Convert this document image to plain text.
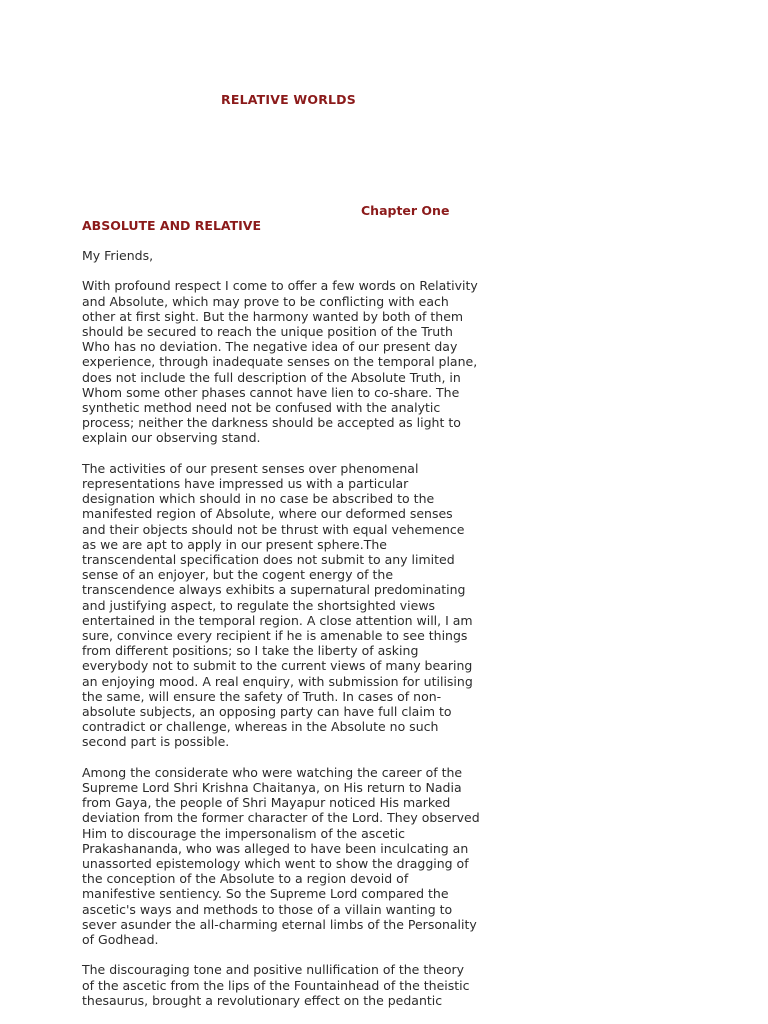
RELATIVE WORLDS
Chapter One
ABSOLUTE AND RELATIVE

My Friends,

With profound respect I come to offer a few words on Relativity
and Absolute, which may prove to be conflicting with each
other at first sight. But the harmony wanted by both of them
should be secured to reach the unique position of the Truth
Who has no deviation. The negative idea of our present day
experience, through inadequate senses on the temporal plane,
does not include the full description of the Absolute Truth, in
Whom some other phases cannot have lien to co-share. The
synthetic method need not be confused with the analytic
process; neither the darkness should be accepted as light to
explain our observing stand.

The activities of our present senses over phenomenal
representations have impressed us with a particular
designation which should in no case be abscribed to the
manifested region of Absolute, where our deformed senses
and their objects should not be thrust with equal vehemence
as we are apt to apply in our present sphere.The
transcendental specification does not submit to any limited
sense of an enjoyer, but the cogent energy of the
transcendence always exhibits a supernatural predominating
and justifying aspect, to regulate the shortsighted views
entertained in the temporal region. A close attention will, I am
sure, convince every recipient if he is amenable to see things
from different positions; so I take the liberty of asking
everybody not to submit to the current views of many bearing
an enjoying mood. A real enquiry, with submission for utilising
the same, will ensure the safety of Truth. In cases of non-
absolute subjects, an opposing party can have full claim to
contradict or challenge, whereas in the Absolute no such
second part is possible.

Among the considerate who were watching the career of the
Supreme Lord Shri Krishna Chaitanya, on His return to Nadia
from Gaya, the people of Shri Mayapur noticed His marked
deviation from the former character of the Lord. They observed
Him to discourage the impersonalism of the ascetic
Prakashananda, who was alleged to have been inculcating an
unassorted epistemology which went to show the dragging of
the conception of the Absolute to a region devoid of
manifestive sentiency. So the Supreme Lord compared the
ascetic's ways and methods to those of a villain wanting to
sever asunder the all-charming eternal limbs of the Personality
of Godhead.

The discouraging tone and positive nullification of the theory
of the ascetic from the lips of the Fountainhead of the theistic
thesaurus, brought a revolutionary effect on the pedantic
